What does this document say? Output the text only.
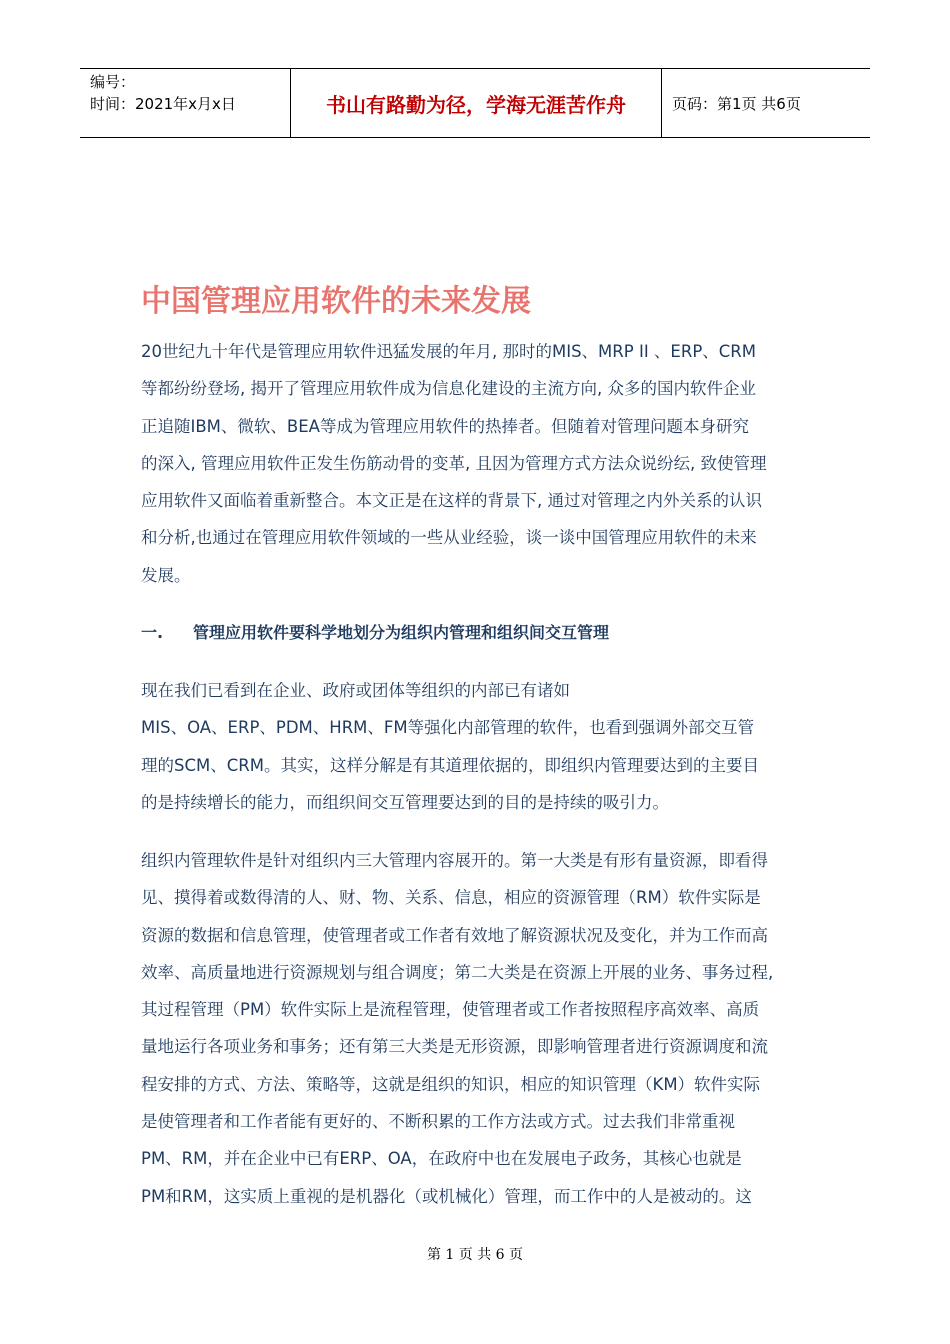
编号：
时间：2021年x月x日	书山有路勤为径，学海无涯苦作舟	页码：第1页 共6页
中国管理应用软件的未来发展
20世纪九十年代是管理应用软件迅猛发展的年月, 那时的MIS、MRP II 、ERP、CRM
等都纷纷登场, 揭开了管理应用软件成为信息化建设的主流方向, 众多的国内软件企业
正追随IBM、微软、BEA等成为管理应用软件的热捧者。但随着对管理问题本身研究
的深入, 管理应用软件正发生伤筋动骨的变革, 且因为管理方式方法众说纷纭, 致使管理
应用软件又面临着重新整合。本文正是在这样的背景下, 通过对管理之内外关系的认识
和分析,也通过在管理应用软件领域的一些从业经验，谈一谈中国管理应用软件的未来
发展。
一. 管理应用软件要科学地划分为组织内管理和组织间交互管理
现在我们已看到在企业、政府或团体等组织的内部已有诸如
MIS、OA、ERP、PDM、HRM、FM等强化内部管理的软件，也看到强调外部交互管
理的SCM、CRM。其实，这样分解是有其道理依据的，即组织内管理要达到的主要目
的是持续增长的能力，而组织间交互管理要达到的目的是持续的吸引力。
组织内管理软件是针对组织内三大管理内容展开的。第一大类是有形有量资源，即看得
见、摸得着或数得清的人、财、物、关系、信息，相应的资源管理（RM）软件实际是
资源的数据和信息管理，使管理者或工作者有效地了解资源状况及变化，并为工作而高
效率、高质量地进行资源规划与组合调度；第二大类是在资源上开展的业务、事务过程,
其过程管理（PM）软件实际上是流程管理，使管理者或工作者按照程序高效率、高质
量地运行各项业务和事务；还有第三大类是无形资源，即影响管理者进行资源调度和流
程安排的方式、方法、策略等，这就是组织的知识，相应的知识管理（KM）软件实际
是使管理者和工作者能有更好的、不断积累的工作方法或方式。过去我们非常重视
PM、RM，并在企业中已有ERP、OA，在政府中也在发展电子政务，其核心也就是
PM和RM，这实质上重视的是机器化（或机械化）管理，而工作中的人是被动的。这
第 1 页 共 6 页
